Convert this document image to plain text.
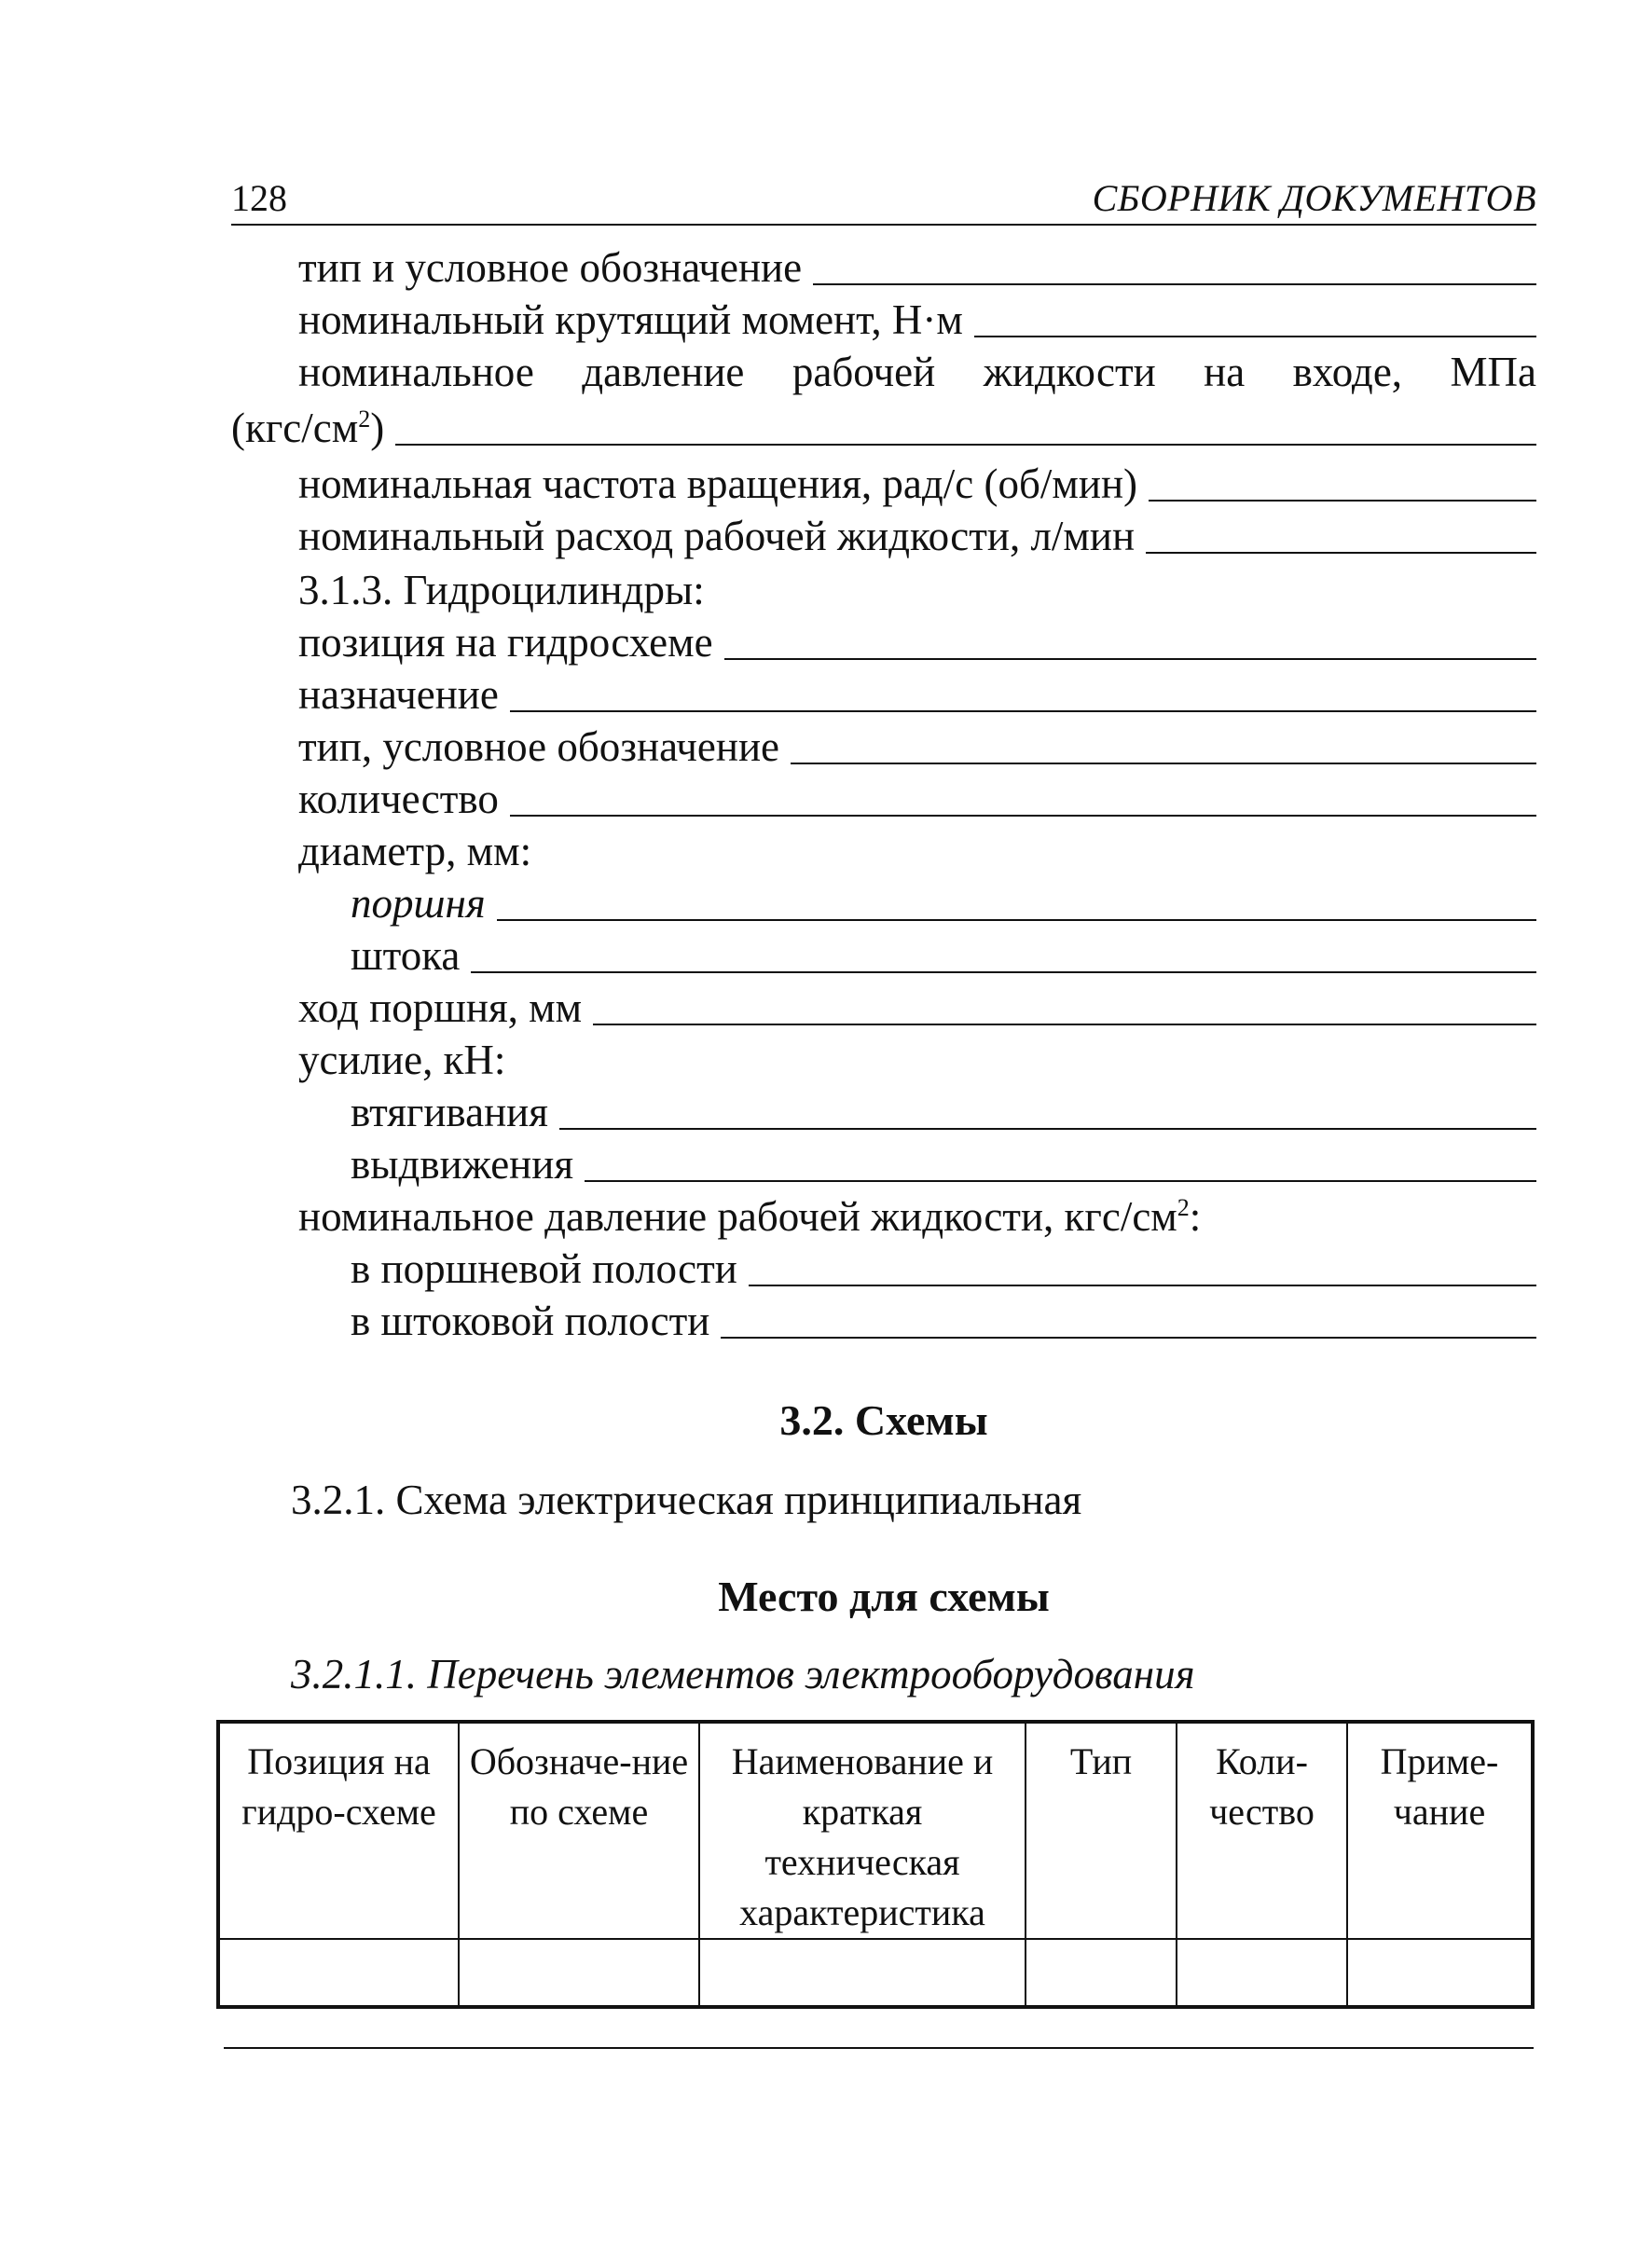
128	СБОРНИК ДОКУМЕНТОВ
тип и условное обозначение
номинальный крутящий момент, Н·м
номинальное давление рабочей жидкости на входе, МПа
$(кгс/см^2)$
номинальная частота вращения, рад/с (об/мин)
номинальный расход рабочей жидкости, л/мин
3.1.3. Гидроцилиндры:
позиция на гидросхеме
назначение
тип, условное обозначение
количество
диаметр, мм:
поршня
штока
ход поршня, мм
усилие, кН:
втягивания
выдвижения
номинальное давление рабочей жидкости, кгс/$см^2$:
в поршневой полости
в штоковой полости
3.2. Схемы
3.2.1. Схема электрическая принципиальная
Место для схемы
3.2.1.1. Перечень элементов электрооборудования
Позиция на гидро-схеме	Обозначе-ние по схеме	Наименование и краткая техническая характеристика	Тип	Коли-чество	Приме-чание
